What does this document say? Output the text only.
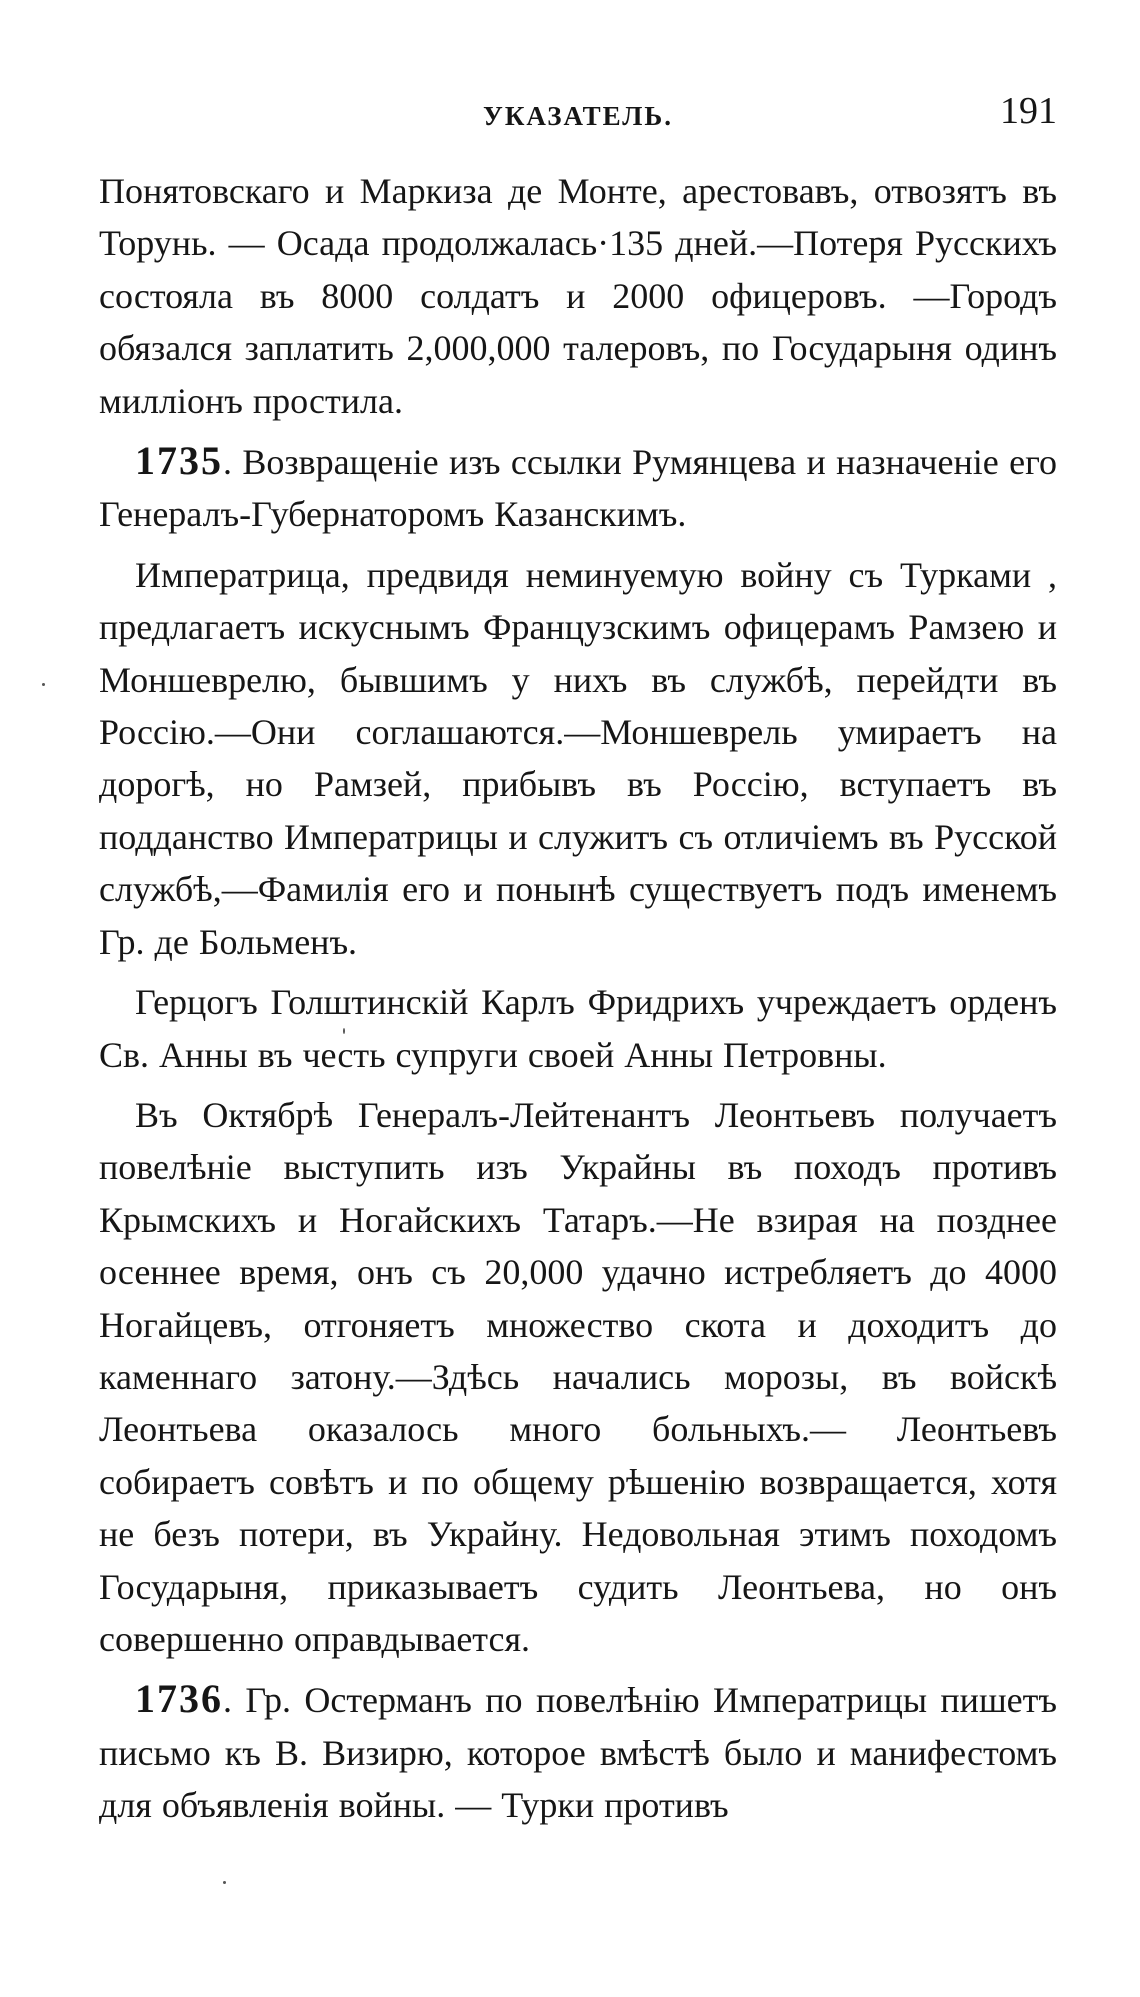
УКАЗАТЕЛЬ.	191

Понятовскаго и Маркиза де Монте, арестовавъ, отвозятъ въ Торунь. — Осада продолжалась·135 дней.—Потеря Русскихъ состояла въ 8000 солдатъ и 2000 офицеровъ. —Городъ обязался заплатить 2,000,000 талеровъ, по Государыня одинъ милліонъ простила.

1735. Возвращеніе изъ ссылки Румянцева и назначеніе его Генералъ-Губернаторомъ Казанскимъ.

Императрица, предвидя неминуемую войну съ Турками , предлагаетъ искуснымъ Французскимъ офицерамъ Рамзею и Моншеврелю, бывшимъ у нихъ въ службѣ, перейдти въ Россію.—Они соглашаются.—Моншеврель умираетъ на дорогѣ, но Рамзей, прибывъ въ Россію, вступаетъ въ подданство Императрицы и служитъ съ отличіемъ въ Русской службѣ,—Фамилія его и понынѣ существуетъ подъ именемъ Гр. де Больменъ.

Герцогъ Голштинскій Карлъ Фридрихъ учреждаетъ орденъ Св. Анны въ честь супруги своей Анны Петровны.

Въ Октябрѣ Генералъ-Лейтенантъ Леонтьевъ получаетъ повелѣніе выступить изъ Украйны въ походъ противъ Крымскихъ и Ногайскихъ Татаръ.—Не взирая на позднее осеннее время, онъ съ 20,000 удачно истребляетъ до 4000 Ногайцевъ, отгоняетъ множество скота и доходитъ до каменнаго затону.—Здѣсь начались морозы, въ войскѣ Леонтьева оказалось много больныхъ.— Леонтьевъ собираетъ совѣтъ и по общему рѣшенію возвращается, хотя не безъ потери, въ Украйну. Недовольная этимъ походомъ Государыня, приказываетъ судить Леонтьева, но онъ совершенно оправдывается.

1736. Гр. Остерманъ по повелѣнію Императрицы пишетъ письмо къ В. Визирю, которое вмѣстѣ было и манифестомъ для объявленія войны. — Турки противъ
